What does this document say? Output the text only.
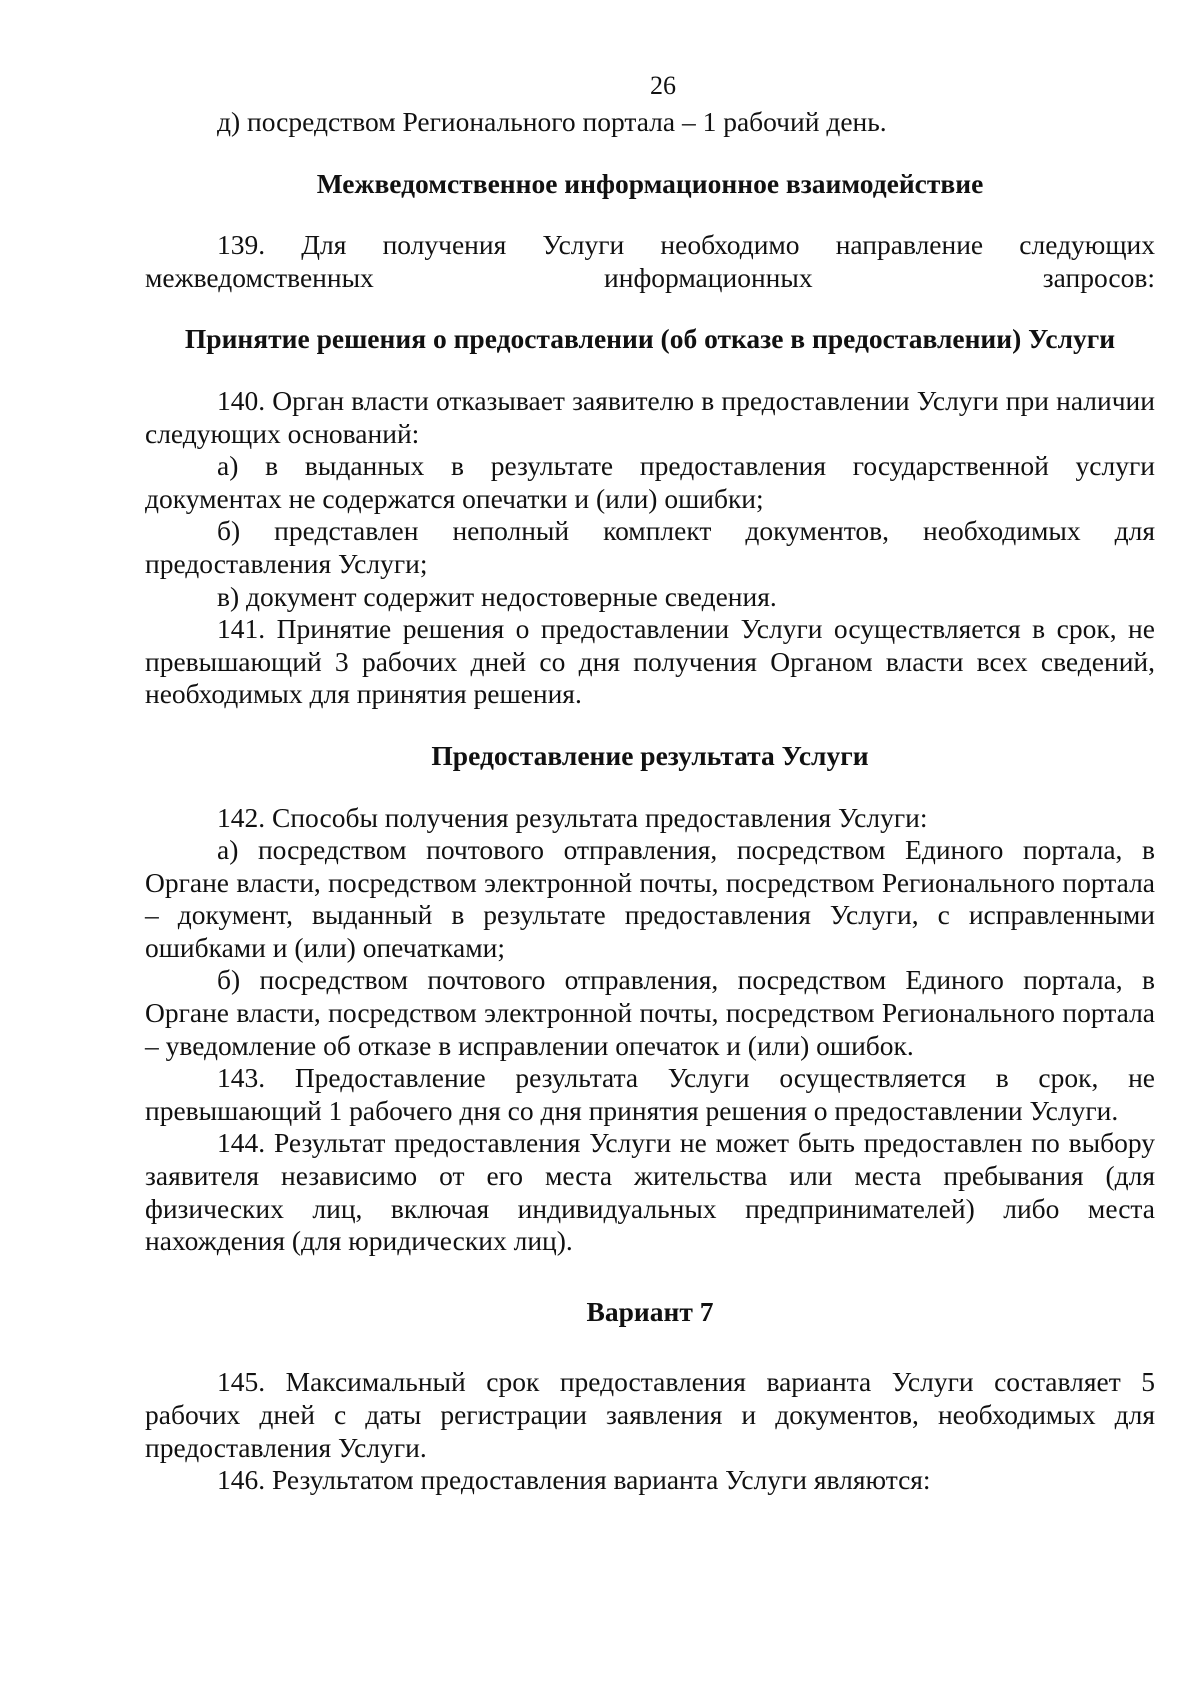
26

д) посредством Регионального портала – 1 рабочий день.

Межведомственное информационное взаимодействие

139. Для получения Услуги необходимо направление следующих межведомственных информационных запросов:

Принятие решения о предоставлении (об отказе в предоставлении) Услуги

140. Орган власти отказывает заявителю в предоставлении Услуги при наличии следующих оснований:

а) в выданных в результате предоставления государственной услуги документах не содержатся опечатки и (или) ошибки;

б) представлен неполный комплект документов, необходимых для предоставления Услуги;

в) документ содержит недостоверные сведения.

141. Принятие решения о предоставлении Услуги осуществляется в срок, не превышающий 3 рабочих дней со дня получения Органом власти всех сведений, необходимых для принятия решения.

Предоставление результата Услуги

142. Способы получения результата предоставления Услуги:

а) посредством почтового отправления, посредством Единого портала, в Органе власти, посредством электронной почты, посредством Регионального портала – документ, выданный в результате предоставления Услуги, с исправленными ошибками и (или) опечатками;

б) посредством почтового отправления, посредством Единого портала, в Органе власти, посредством электронной почты, посредством Регионального портала – уведомление об отказе в исправлении опечаток и (или) ошибок.

143. Предоставление результата Услуги осуществляется в срок, не превышающий 1 рабочего дня со дня принятия решения о предоставлении Услуги.

144. Результат предоставления Услуги не может быть предоставлен по выбору заявителя независимо от его места жительства или места пребывания (для физических лиц, включая индивидуальных предпринимателей) либо места нахождения (для юридических лиц).

Вариант 7

145. Максимальный срок предоставления варианта Услуги составляет 5 рабочих дней с даты регистрации заявления и документов, необходимых для предоставления Услуги.

146. Результатом предоставления варианта Услуги являются:
